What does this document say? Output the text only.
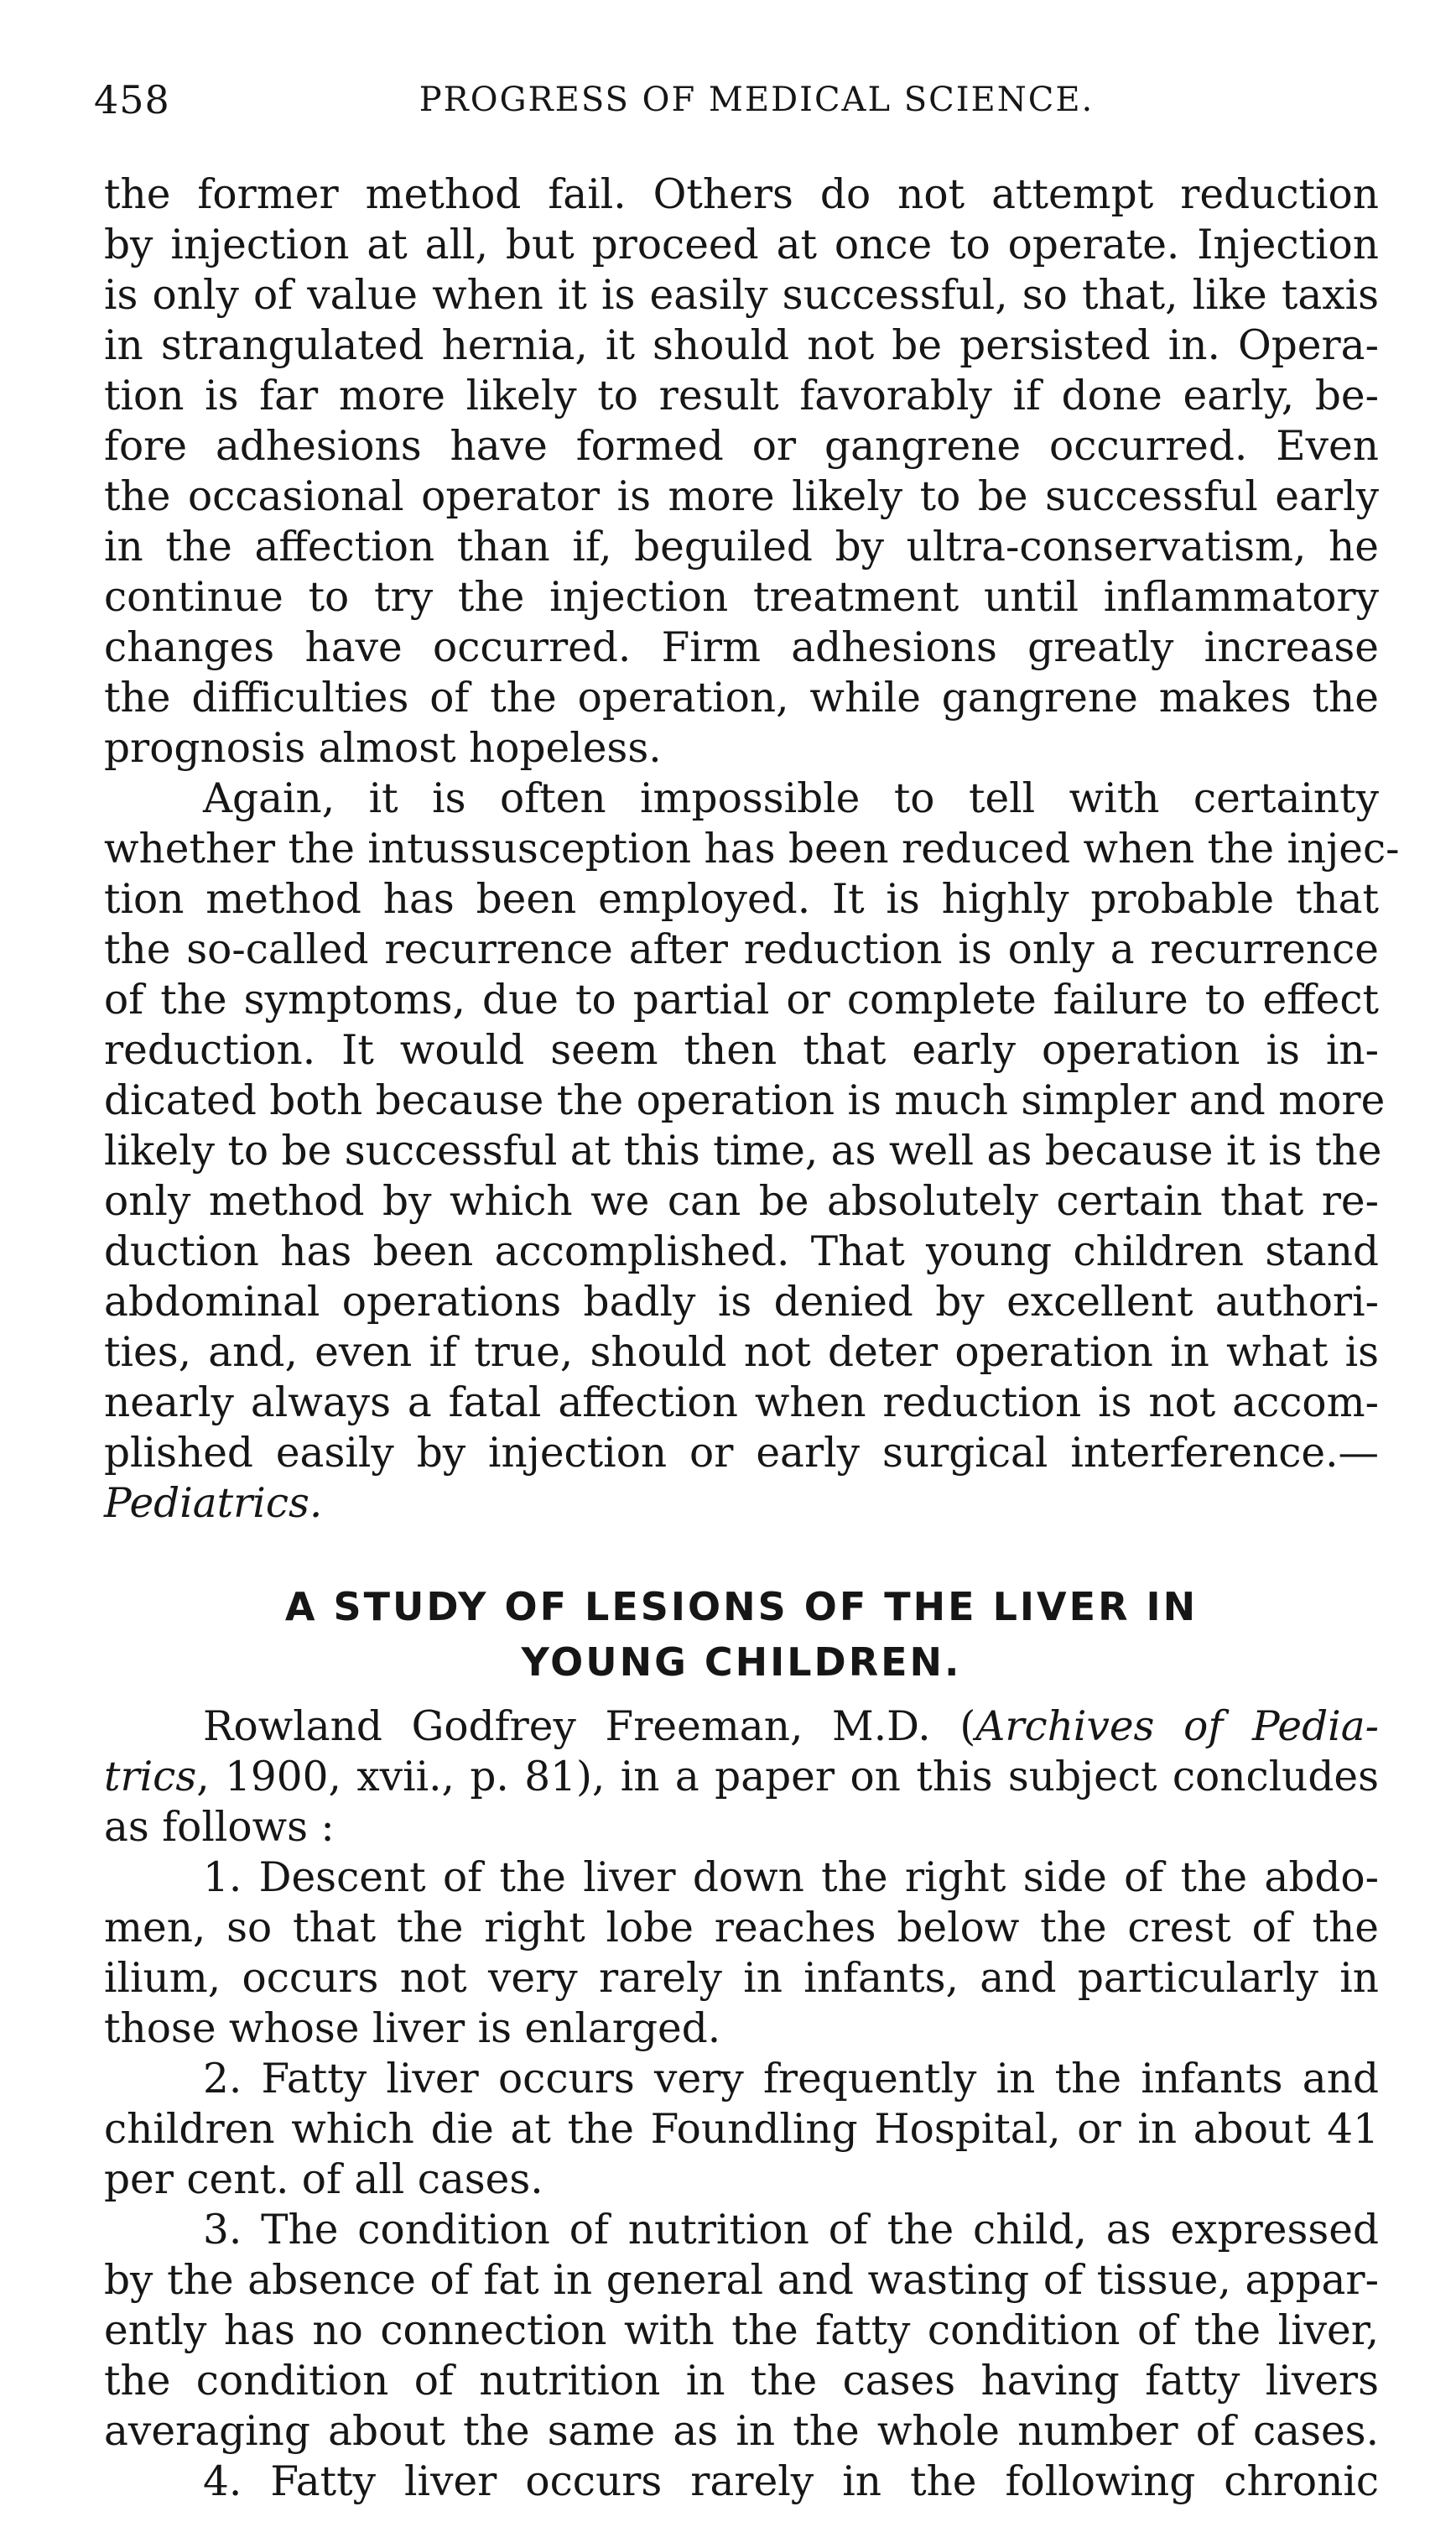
458	PROGRESS OF MEDICAL SCIENCE.
the former method fail. Others do not attempt reduction
by injection at all, but proceed at once to operate. Injection
is only of value when it is easily successful, so that, like taxis
in strangulated hernia, it should not be persisted in. Opera-
tion is far more likely to result favorably if done early, be-
fore adhesions have formed or gangrene occurred. Even
the occasional operator is more likely to be successful early
in the affection than if, beguiled by ultra-conservatism, he
continue to try the injection treatment until inflammatory
changes have occurred. Firm adhesions greatly increase
the difficulties of the operation, while gangrene makes the
prognosis almost hopeless.
Again, it is often impossible to tell with certainty
whether the intussusception has been reduced when the injec-
tion method has been employed. It is highly probable that
the so-called recurrence after reduction is only a recurrence
of the symptoms, due to partial or complete failure to effect
reduction. It would seem then that early operation is in-
dicated both because the operation is much simpler and more
likely to be successful at this time, as well as because it is the
only method by which we can be absolutely certain that re-
duction has been accomplished. That young children stand
abdominal operations badly is denied by excellent authori-
ties, and, even if true, should not deter operation in what is
nearly always a fatal affection when reduction is not accom-
plished easily by injection or early surgical interference.—
Pediatrics.
A STUDY OF LESIONS OF THE LIVER IN
YOUNG CHILDREN.
Rowland Godfrey Freeman, M.D. (Archives of Pedia-
trics, 1900, xvii., p. 81), in a paper on this subject concludes
as follows :
1. Descent of the liver down the right side of the abdo-
men, so that the right lobe reaches below the crest of the
ilium, occurs not very rarely in infants, and particularly in
those whose liver is enlarged.
2. Fatty liver occurs very frequently in the infants and
children which die at the Foundling Hospital, or in about 41
per cent. of all cases.
3. The condition of nutrition of the child, as expressed
by the absence of fat in general and wasting of tissue, appar-
ently has no connection with the fatty condition of the liver,
the condition of nutrition in the cases having fatty livers
averaging about the same as in the whole number of cases.
4. Fatty liver occurs rarely in the following chronic
